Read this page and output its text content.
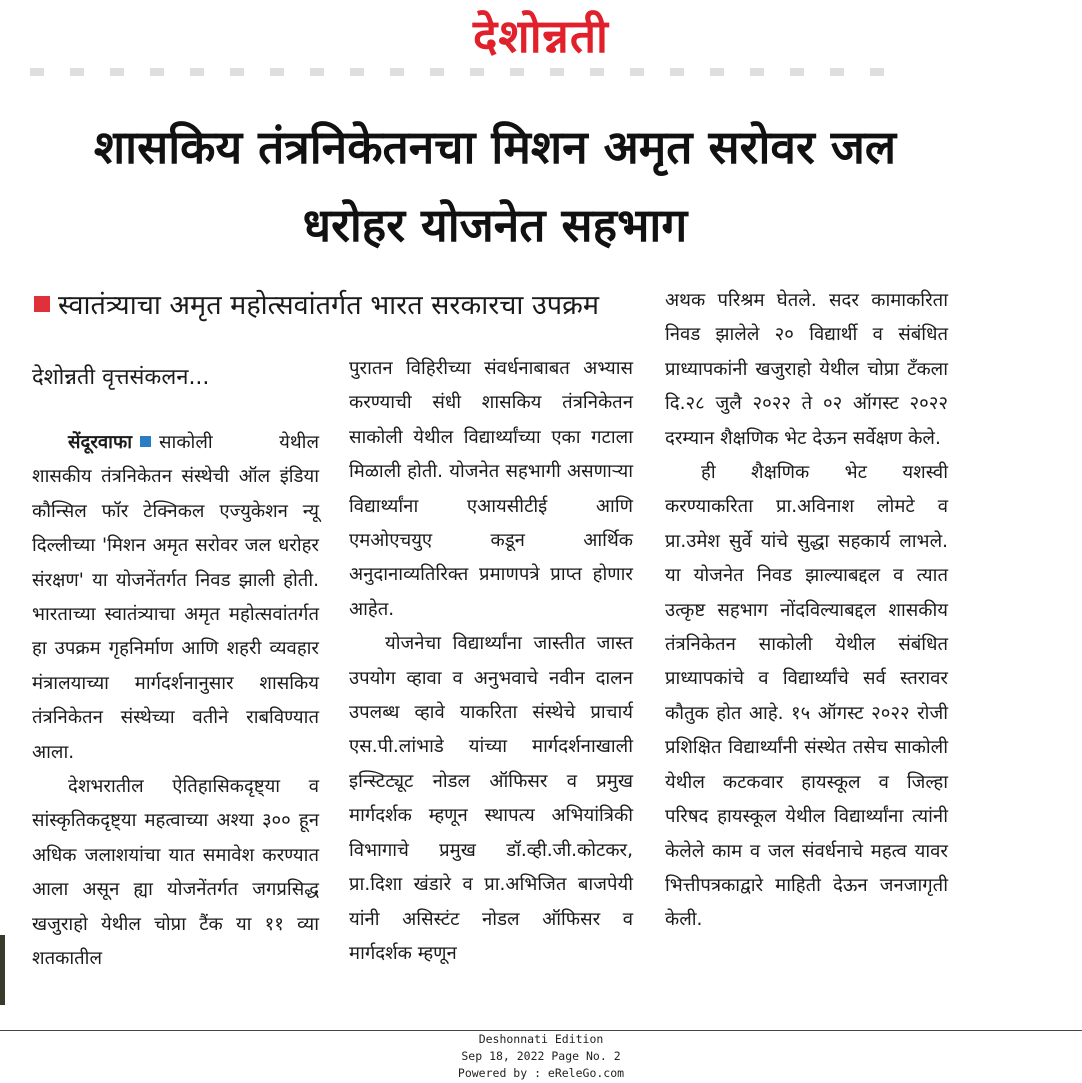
देशोन्नती
शासकिय तंत्रनिकेतनचा मिशन अमृत सरोवर जल
धरोहर योजनेत सहभाग
स्वातंत्र्याचा अमृत महोत्सवांतर्गत भारत सरकारचा उपक्रम
देशोन्नती वृत्तसंकलन...

सेंदूरवाफा साकोली येथील शासकीय तंत्रनिकेतन संस्थेची ऑल इंडिया कौन्सिल फॉर टेक्निकल एज्युकेशन न्यू दिल्लीच्या 'मिशन अमृत सरोवर जल धरोहर संरक्षण' या योजनेंतर्गत निवड झाली होती. भारताच्या स्वातंत्र्याचा अमृत महोत्सवांतर्गत हा उपक्रम गृहनिर्माण आणि शहरी व्यवहार मंत्रालयाच्या मार्गदर्शनानुसार शासकिय तंत्रनिकेतन संस्थेच्या वतीने राबविण्यात आला.

देशभरातील ऐतिहासिकदृष्ट्या व सांस्कृतिकदृष्ट्या महत्वाच्या अश्या ३०० हून अधिक जलाशयांचा यात समावेश करण्यात आला असून ह्या योजनेंतर्गत जगप्रसिद्ध खजुराहो येथील चोप्रा टैंक या ११ व्या शतकातील

पुरातन विहिरीच्या संवर्धनाबाबत अभ्यास करण्याची संधी शासकिय तंत्रनिकेतन साकोली येथील विद्यार्थ्यांच्या एका गटाला मिळाली होती. योजनेत सहभागी असणाऱ्या विद्यार्थ्यांना एआयसीटीई आणि एमओएचयुए कडून आर्थिक अनुदानाव्यतिरिक्त प्रमाणपत्रे प्राप्त होणार आहेत.

योजनेचा विद्यार्थ्यांना जास्तीत जास्त उपयोग व्हावा व अनुभवाचे नवीन दालन उपलब्ध व्हावे याकरिता संस्थेचे प्राचार्य एस.पी.लांभाडे यांच्या मार्गदर्शनाखाली इन्स्टिट्यूट नोडल ऑफिसर व प्रमुख मार्गदर्शक म्हणून स्थापत्य अभियांत्रिकी विभागाचे प्रमुख डॉ.व्ही.जी.कोटकर, प्रा.दिशा खंडारे व प्रा.अभिजित बाजपेयी यांनी असिस्टंट नोडल ऑफिसर व मार्गदर्शक म्हणून

अथक परिश्रम घेतले. सदर कामाकरिता निवड झालेले २० विद्यार्थी व संबंधित प्राध्यापकांनी खजुराहो येथील चोप्रा टँकला दि.२८ जुलै २०२२ ते ०२ ऑगस्ट २०२२ दरम्यान शैक्षणिक भेट देऊन सर्वेक्षण केले.

ही शैक्षणिक भेट यशस्वी करण्याकरिता प्रा.अविनाश लोमटे व प्रा.उमेश सुर्वे यांचे सुद्धा सहकार्य लाभले. या योजनेत निवड झाल्याबद्दल व त्यात उत्कृष्ट सहभाग नोंदविल्याबद्दल शासकीय तंत्रनिकेतन साकोली येथील संबंधित प्राध्यापकांचे व विद्यार्थ्यांचे सर्व स्तरावर कौतुक होत आहे. १५ ऑगस्ट २०२२ रोजी प्रशिक्षित विद्यार्थ्यांनी संस्थेत तसेच साकोली येथील कटकवार हायस्कूल व जिल्हा परिषद हायस्कूल येथील विद्यार्थ्यांना त्यांनी केलेले काम व जल संवर्धनाचे महत्व यावर भित्तीपत्रकाद्वारे माहिती देऊन जनजागृती केली.

Deshonnati Edition
Sep 18, 2022 Page No. 2
Powered by : eReleGo.com
